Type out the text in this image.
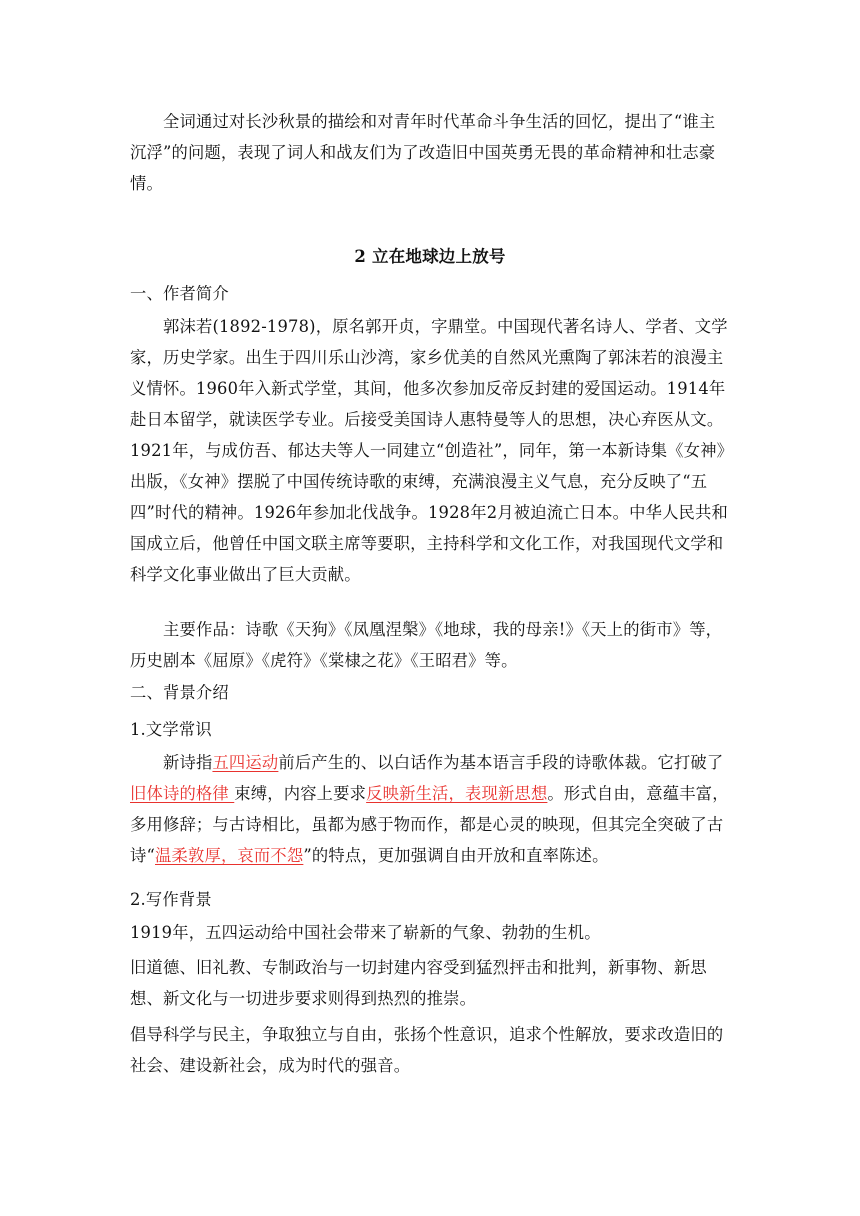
全词通过对长沙秋景的描绘和对青年时代革命斗争生活的回忆，提出了“谁主沉浮”的问题，表现了词人和战友们为了改造旧中国英勇无畏的革命精神和壮志豪情。

2 立在地球边上放号

一、作者简介

郭沫若(1892-1978)，原名郭开贞，字鼎堂。中国现代著名诗人、学者、文学家，历史学家。出生于四川乐山沙湾，家乡优美的自然风光熏陶了郭沫若的浪漫主义情怀。1960年入新式学堂，其间，他多次参加反帝反封建的爱国运动。1914年赴日本留学，就读医学专业。后接受美国诗人惠特曼等人的思想，决心弃医从文。1921年，与成仿吾、郁达夫等人一同建立“创造社”，同年，第一本新诗集《女神》出版，《女神》摆脱了中国传统诗歌的束缚，充满浪漫主义气息，充分反映了“五四”时代的精神。1926年参加北伐战争。1928年2月被迫流亡日本。中华人民共和国成立后，他曾任中国文联主席等要职，主持科学和文化工作，对我国现代文学和科学文化事业做出了巨大贡献。

主要作品：诗歌《天狗》《凤凰涅槃》《地球，我的母亲!》《天上的街市》等，历史剧本《屈原》《虎符》《棠棣之花》《王昭君》等。

二、背景介绍

1.文学常识

新诗指五四运动前后产生的、以白话作为基本语言手段的诗歌体裁。它打破了旧体诗的格律 束缚，内容上要求反映新生活，表现新思想。形式自由，意蕴丰富，多用修辞；与古诗相比，虽都为感于物而作，都是心灵的映现，但其完全突破了古诗“温柔敦厚，哀而不怨”的特点，更加强调自由开放和直率陈述。

2.写作背景

1919年，五四运动给中国社会带来了崭新的气象、勃勃的生机。

旧道德、旧礼教、专制政治与一切封建内容受到猛烈抨击和批判，新事物、新思想、新文化与一切进步要求则得到热烈的推崇。

倡导科学与民主，争取独立与自由，张扬个性意识，追求个性解放，要求改造旧的社会、建设新社会，成为时代的强音。
